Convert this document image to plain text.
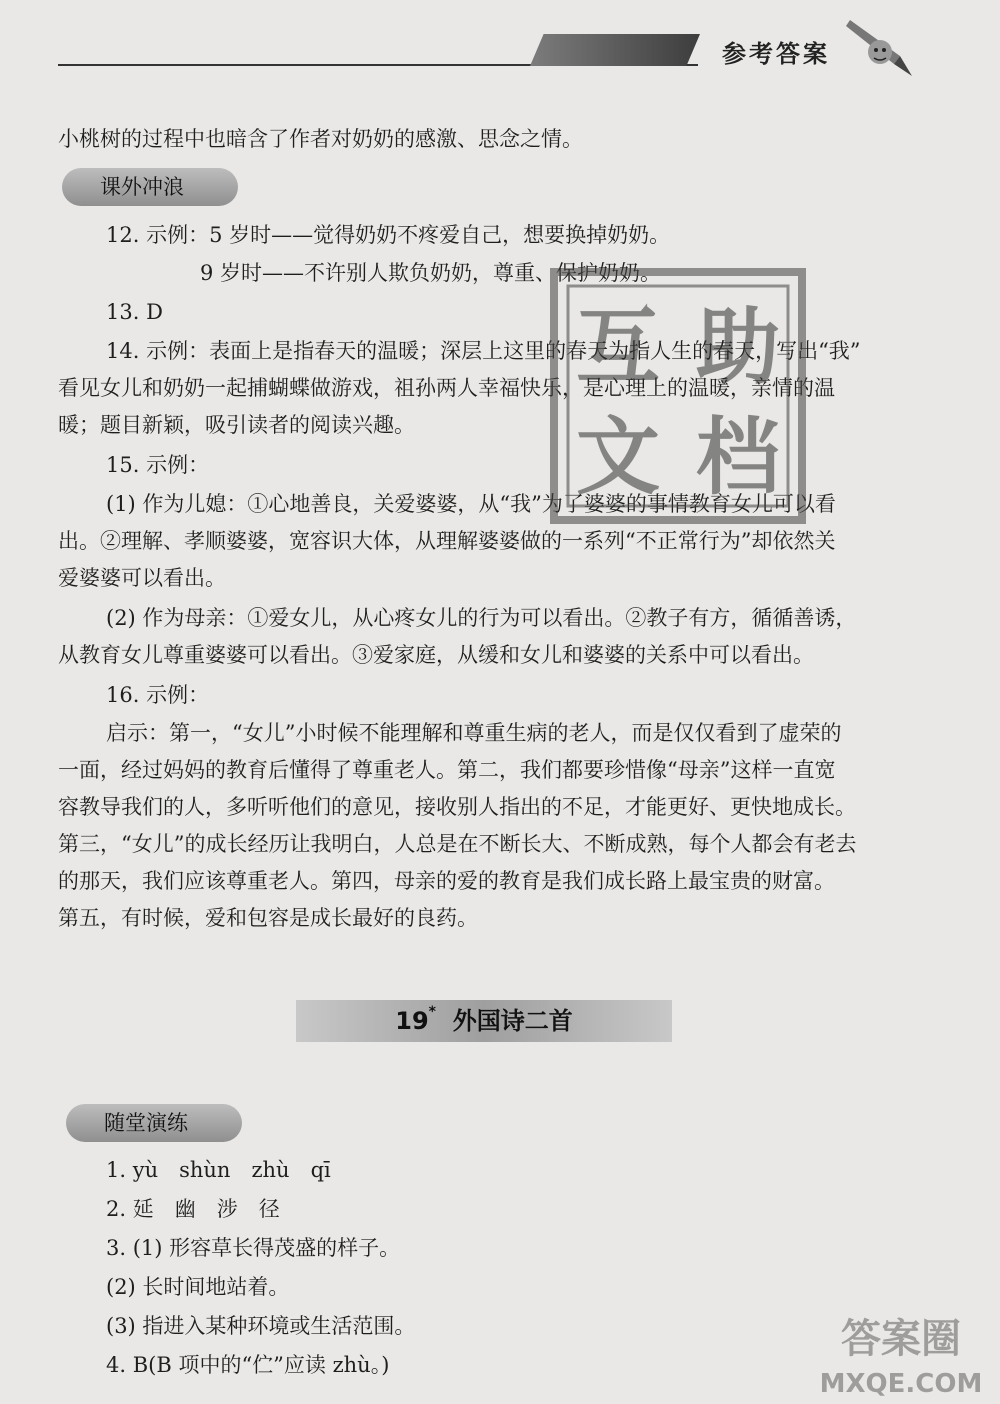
参考答案
小桃树的过程中也暗含了作者对奶奶的感激、思念之情。
课外冲浪
12. 示例：5 岁时——觉得奶奶不疼爱自己，想要换掉奶奶。
9 岁时——不许别人欺负奶奶，尊重、保护奶奶。
13. D
14. 示例：表面上是指春天的温暖；深层上这里的春天为指人生的春天，写出“我”
看见女儿和奶奶一起捕蝴蝶做游戏，祖孙两人幸福快乐，是心理上的温暖，亲情的温
暖；题目新颖，吸引读者的阅读兴趣。
15. 示例：
(1) 作为儿媳：①心地善良，关爱婆婆，从“我”为了婆婆的事情教育女儿可以看
出。②理解、孝顺婆婆，宽容识大体，从理解婆婆做的一系列“不正常行为”却依然关
爱婆婆可以看出。
(2) 作为母亲：①爱女儿，从心疼女儿的行为可以看出。②教子有方，循循善诱，
从教育女儿尊重婆婆可以看出。③爱家庭，从缓和女儿和婆婆的关系中可以看出。
16. 示例：
启示：第一，“女儿”小时候不能理解和尊重生病的老人，而是仅仅看到了虚荣的
一面，经过妈妈的教育后懂得了尊重老人。第二，我们都要珍惜像“母亲”这样一直宽
容教导我们的人，多听听他们的意见，接收别人指出的不足，才能更好、更快地成长。
第三，“女儿”的成长经历让我明白，人总是在不断长大、不断成熟，每个人都会有老去
的那天，我们应该尊重老人。第四，母亲的爱的教育是我们成长路上最宝贵的财富。
第五，有时候，爱和包容是成长最好的良药。
19* 外国诗二首
随堂演练
1. yù　shùn　zhù　qī
2. 延　幽　涉　径
3. (1) 形容草长得茂盛的样子。
(2) 长时间地站着。
(3) 指进入某种环境或生活范围。
4. B(B 项中的“伫”应读 zhù。)
互 助
文 档
答案圈
MXQE.COM
